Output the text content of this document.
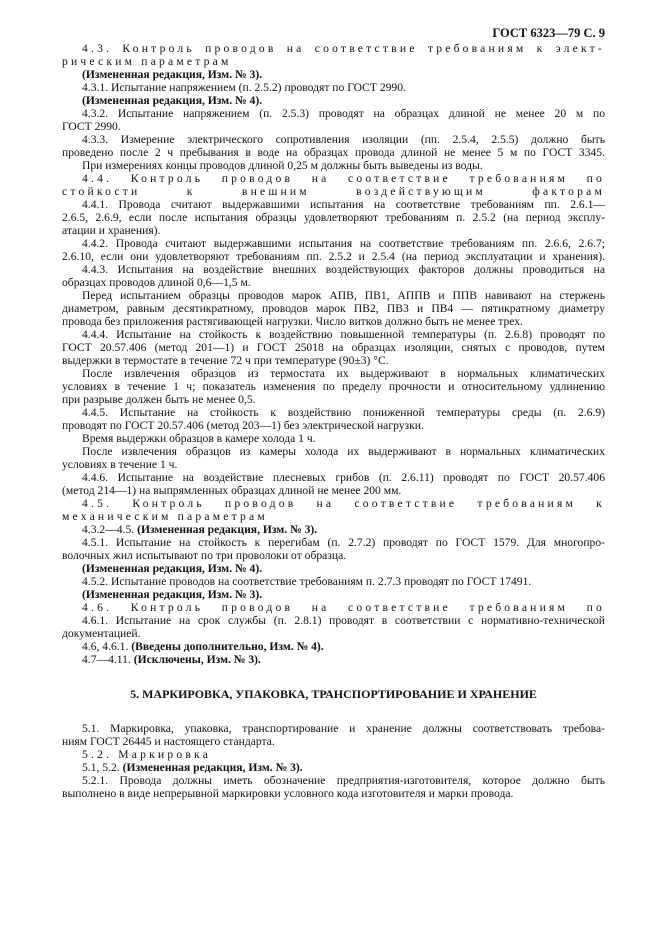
ГОСТ 6323—79 С. 9
4.3. Контроль проводов на соответствие требованиям к элект-
рическим параметрам
(Измененная редакция, Изм. № 3).
4.3.1. Испытание напряжением (п. 2.5.2) проводят по ГОСТ 2990.
(Измененная редакция, Изм. № 4).
4.3.2. Испытание напряжением (п. 2.5.3) проводят на образцах длиной не менее 20 м по
ГОСТ 2990.
4.3.3. Измерение электрического сопротивления изоляции (пп. 2.5.4, 2.5.5) должно быть
проведено после 2 ч пребывания в воде на образцах провода длиной не менее 5 м по ГОСТ 3345.
При измерениях концы проводов длиной 0,25 м должны быть выведены из воды.
4.4. Контроль проводов на соответствие требованиям по
стойкости к внешним воздействующим факторам
4.4.1. Провода считают выдержавшими испытания на соответствие требованиям пп. 2.6.1—
2.6.5, 2.6.9, если после испытания образцы удовлетворяют требованиям п. 2.5.2 (на период эксплу-
атации и хранения).
4.4.2. Провода считают выдержавшими испытания на соответствие требованиям пп. 2.6.6, 2.6.7;
2.6.10, если они удовлетворяют требованиям пп. 2.5.2 и 2.5.4 (на период эксплуатации и хранения).
4.4.3. Испытания на воздействие внешних воздействующих факторов должны проводиться на
образцах проводов длиной 0,6—1,5 м.
Перед испытанием образцы проводов марок АПВ, ПВ1, АППВ и ППВ навивают на стержень
диаметром, равным десятикратному, проводов марок ПВ2, ПВ3 и ПВ4 — пятикратному диаметру
провода без приложения растягивающей нагрузки. Число витков должно быть не менее трех.
4.4.4. Испытание на стойкость к воздействию повышенной температуры (п. 2.6.8) проводят по
ГОСТ 20.57.406 (метод 201—1) и ГОСТ 25018 на образцах изоляции, снятых с проводов, путем
выдержки в термостате в течение 72 ч при температуре (90±3) °С.
После извлечения образцов из термостата их выдерживают в нормальных климатических
условиях в течение 1 ч; показатель изменения по пределу прочности и относительному удлинению
при разрыве должен быть не менее 0,5.
4.4.5. Испытание на стойкость к воздействию пониженной температуры среды (п. 2.6.9)
проводят по ГОСТ 20.57.406 (метод 203—1) без электрической нагрузки.
Время выдержки образцов в камере холода 1 ч.
После извлечения образцов из камеры холода их выдерживают в нормальных климатических
условиях в течение 1 ч.
4.4.6. Испытание на воздействие плесневых грибов (п. 2.6.11) проводят по ГОСТ 20.57.406
(метод 214—1) на выпрямленных образцах длиной не менее 200 мм.
4.5. Контроль проводов на соответствие требованиям к
механическим параметрам
4.3.2—4.5. (Измененная редакция, Изм. № 3).
4.5.1. Испытание на стойкость к перегибам (п. 2.7.2) проводят по ГОСТ 1579. Для многопро-
волочных жил испытывают по три проволоки от образца.
(Измененная редакция, Изм. № 4).
4.5.2. Испытание проводов на соответствие требованиям п. 2.7.3 проводят по ГОСТ 17491.
(Измененная редакция, Изм. № 3).
4.6. Контроль проводов на соответствие требованиям по
4.6.1. Испытание на срок службы (п. 2.8.1) проводят в соответствии с нормативно-технической
документацией.
4.6, 4.6.1. (Введены дополнительно, Изм. № 4).
4.7—4.11. (Исключены, Изм. № 3).
5. МАРКИРОВКА, УПАКОВКА, ТРАНСПОРТИРОВАНИЕ И ХРАНЕНИЕ
5.1. Маркировка, упаковка, транспортирование и хранение должны соответствовать требова-
ниям ГОСТ 26445 и настоящего стандарта.
5.2. Маркировка
5.1, 5.2. (Измененная редакция, Изм. № 3).
5.2.1. Провода должны иметь обозначение предприятия-изготовителя, которое должно быть
выполнено в виде непрерывной маркировки условного кода изготовителя и марки провода.
